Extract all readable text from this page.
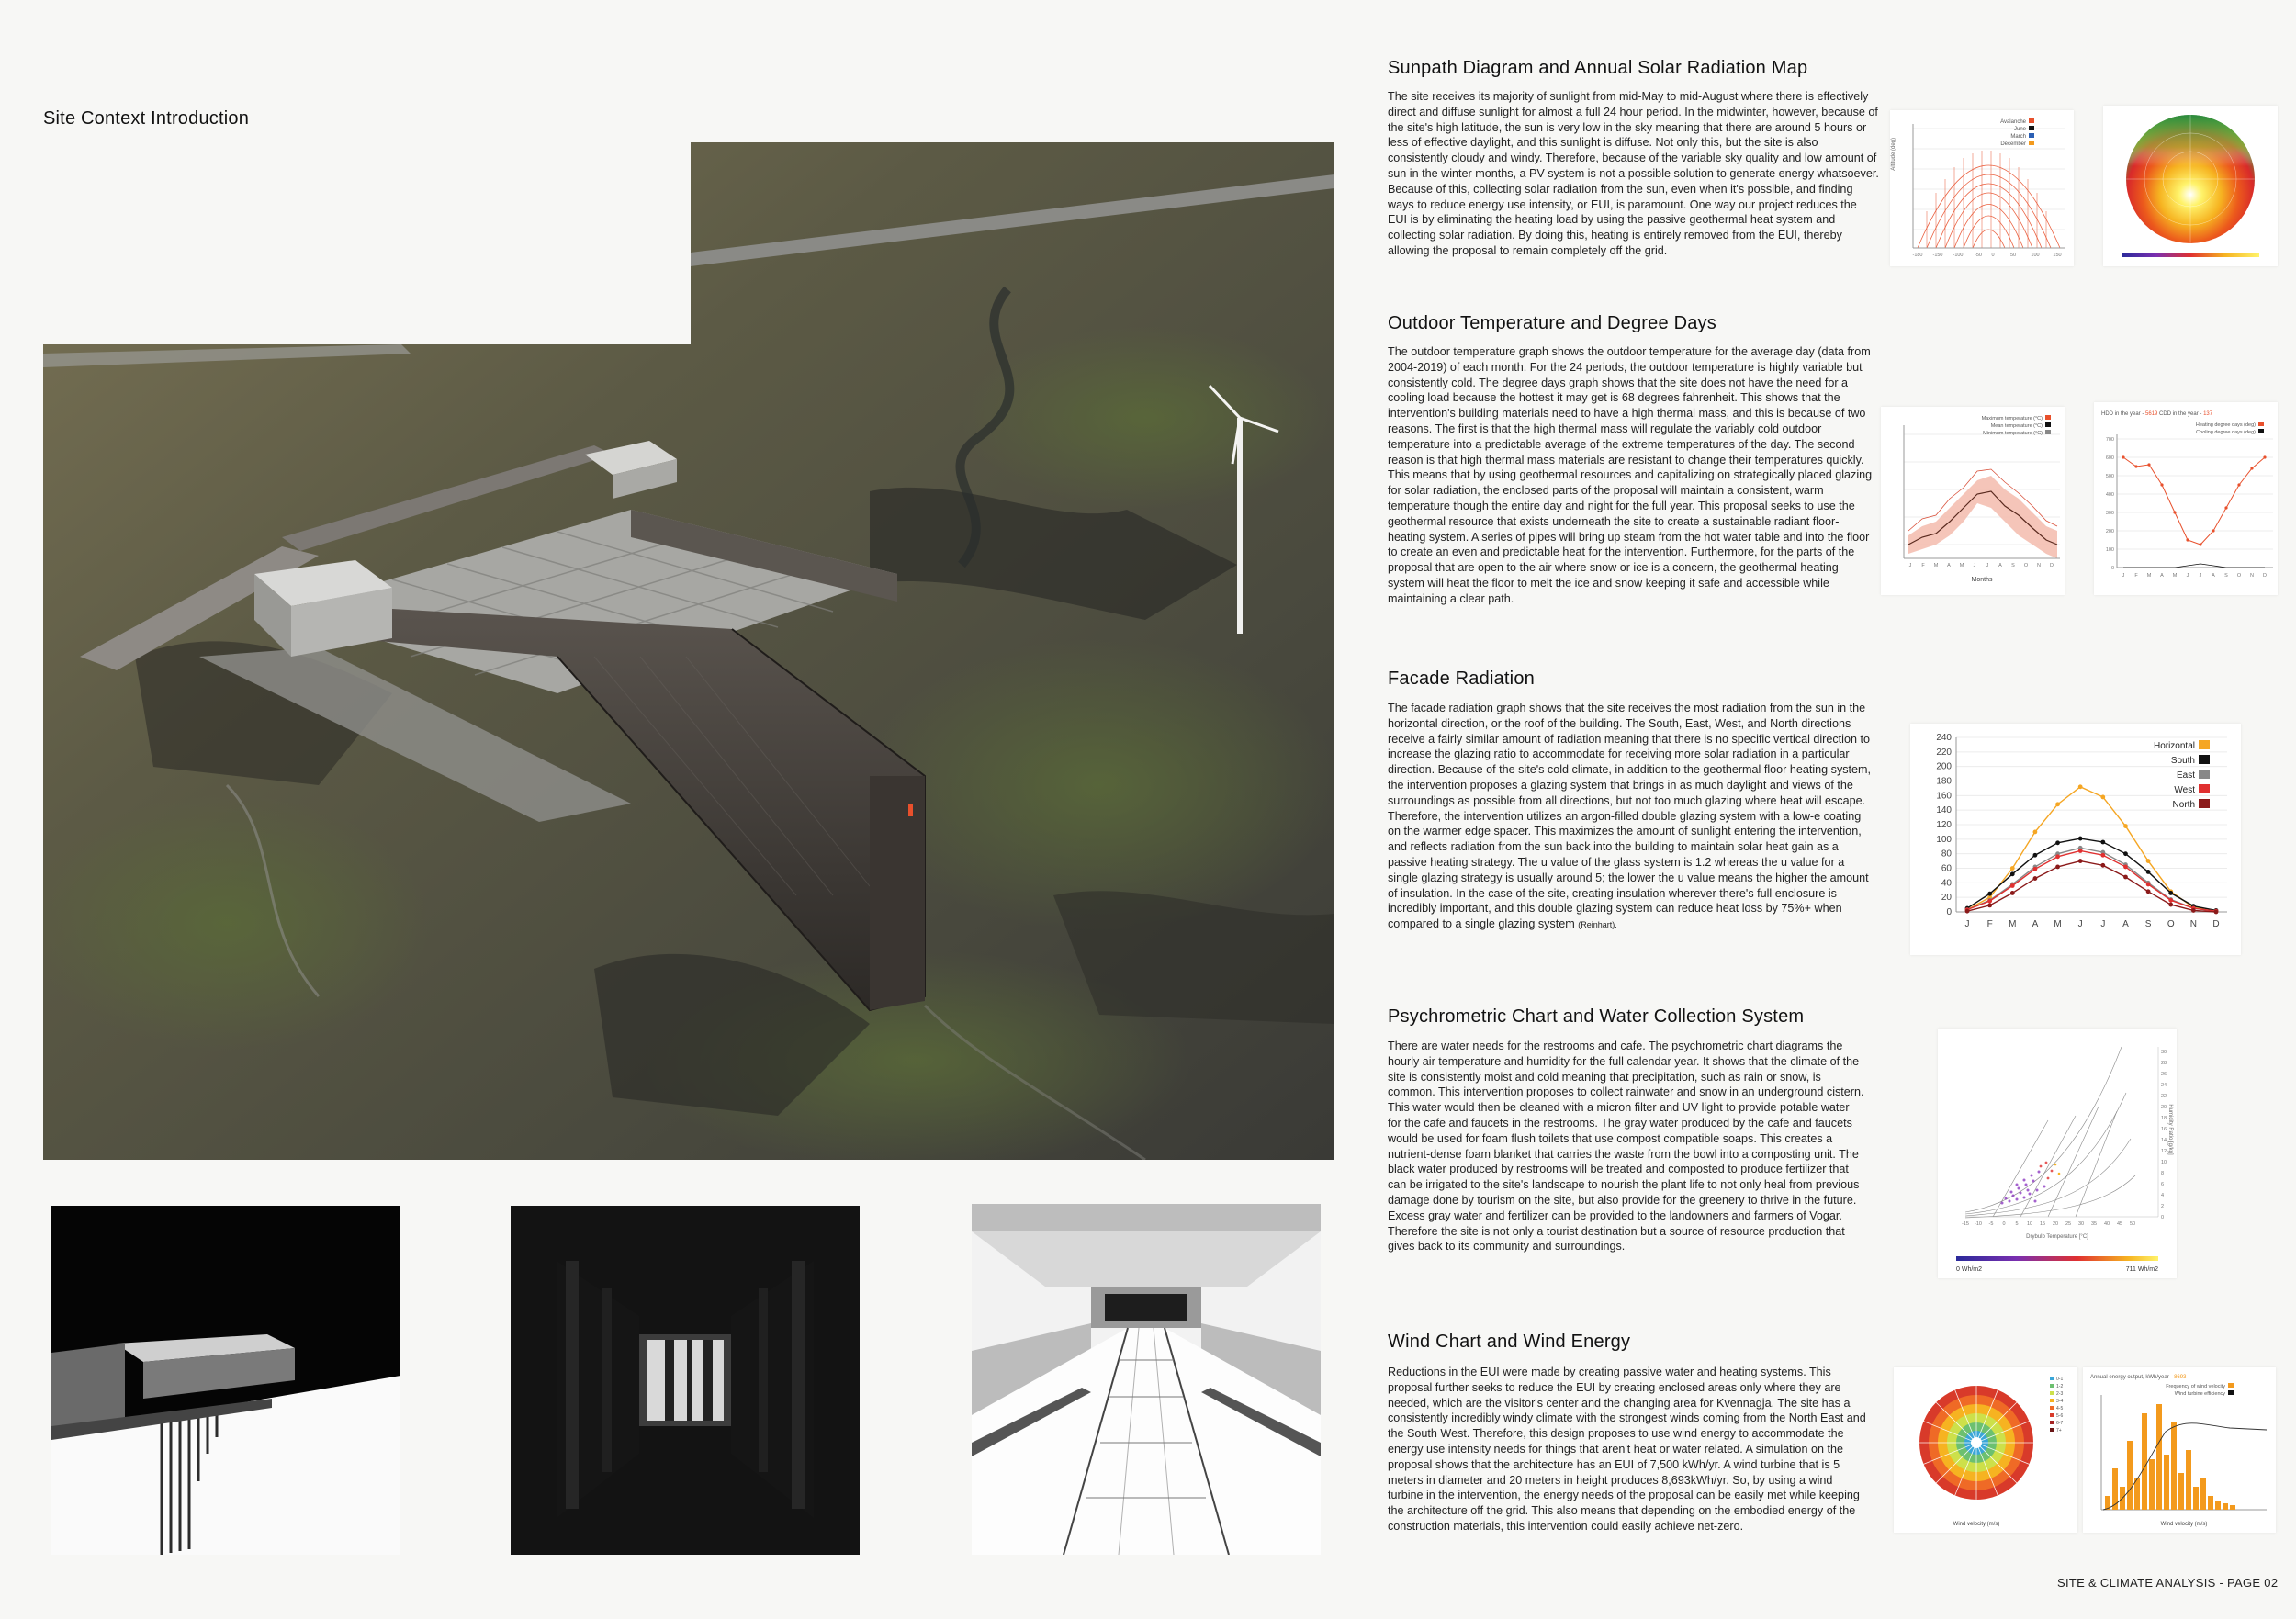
Site Context Introduction

Sunpath Diagram and Annual Solar Radiation Map

The site receives its majority of sunlight from mid-May to mid-August where there is effectively direct and diffuse sunlight for almost a full 24 hour period. In the midwinter, however, because of the site's high latitude, the sun is very low in the sky meaning that there are around 5 hours or less of effective daylight, and this sunlight is diffuse. Not only this, but the site is also consistently cloudy and windy. Therefore, because of the variable sky quality and low amount of sun in the winter months, a PV system is not a possible solution to generate energy whatsoever. Because of this, collecting solar radiation from the sun, even when it's possible, and finding ways to reduce energy use intensity, or EUI, is paramount. One way our project reduces the EUI is by eliminating the heating load by using the passive geothermal heat system and collecting solar radiation. By doing this, heating is entirely removed from the EUI, thereby allowing the proposal to remain completely off the grid.

Altitude (deg)
Avalanche
June
March
December
-180 -150 -100 -50 0	50	100	150
Outdoor Temperature and Degree Days

The outdoor temperature graph shows the outdoor temperature for the average day (data from 2004-2019) of each month. For the 24 periods, the outdoor temperature is highly variable but consistently cold. The degree days graph shows that the site does not have the need for a cooling load because the hottest it may get is 68 degrees fahrenheit. This shows that the intervention's building materials need to have a high thermal mass, and this is because of two reasons. The first is that the high thermal mass will regulate the variably cold outdoor temperature into a predictable average of the extreme temperatures of the day. The second reason is that high thermal mass materials are resistant to change their temperatures quickly. This means that by using geothermal resources and capitalizing on strategically placed glazing for solar radiation, the enclosed parts of the proposal will maintain a consistent, warm temperature though the entire day and night for the full year. This proposal seeks to use the geothermal resource that exists underneath the site to create a sustainable radiant floor-heating system. A series of pipes will bring up steam from the hot water table and into the floor to create an even and predictable heat for the intervention. Furthermore, for the parts of the proposal that are open to the air where snow or ice is a concern, the geothermal heating system will heat the floor to melt the ice and snow keeping it safe and accessible while maintaining a clear path.

Maximum temperature (°C)
Mean temperature (°C)
Minimum temperature (°C)
J F M A M J J A S O N D
Months
HDD in the year - 5619 CDD in the year - 137
Heating degree days (deg)
Cooling degree days (deg)
0
100
200
300
400
500
600
700
J F M A M J J A S O N D
Facade Radiation

The facade radiation graph shows that the site receives the most radiation from the sun in the horizontal direction, or the roof of the building. The South, East, West, and North directions receive a fairly similar amount of radiation meaning that there is no specific vertical direction to increase the glazing ratio to accommodate for receiving more solar radiation in a particular direction. Because of the site's cold climate, in addition to the geothermal floor heating system, the intervention proposes a glazing system that brings in as much daylight and views of the surroundings as possible from all directions, but not too much glazing where heat will escape. Therefore, the intervention utilizes an argon-filled double glazing system with a low-e coating on the warmer edge spacer. This maximizes the amount of sunlight entering the intervention, and reflects radiation from the sun back into the building to maintain solar heat gain as a passive heating strategy. The u value of the glass system is 1.2 whereas the u value for a single glazing strategy is usually around 5; the lower the u value means the higher the amount of insulation. In the case of the site, creating insulation wherever there's full enclosure is incredibly important, and this double glazing system can reduce heat loss by 75%+ when compared to a single glazing system (Reinhart).

0
20
40
60
80
100
120
140
160
180
200
220
240
J F M A M J J A S O N D
Horizontal
South
East
West
North
Psychrometric Chart and Water Collection System

There are water needs for the restrooms and cafe. The psychrometric chart diagrams the hourly air temperature and humidity for the full calendar year. It shows that the climate of the site is consistently moist and cold meaning that precipitation, such as rain or snow, is common. This intervention proposes to collect rainwater and snow in an underground cistern. This water would then be cleaned with a micron filter and UV light to provide potable water for the cafe and faucets in the restrooms. The gray water produced by the cafe and faucets would be used for foam flush toilets that use compost compatible soaps. This creates a nutrient-dense foam blanket that carries the waste from the bowl into a composting unit. The black water produced by restrooms will be treated and composted to produce fertilizer that can be irrigated to the site's landscape to nourish the plant life to not only heal from previous damage done by tourism on the site, but also provide for the greenery to thrive in the future. Excess gray water and fertilizer can be provided to the landowners and farmers of Vogar. Therefore the site is not only a tourist destination but a source of resource production that gives back to its community and surroundings.

Drybulb Temperature [°C]
Humidity Ratio [g/kg]
-15 -10 -5 0 5 10 15 20 25 30 35 40 45 50
0
2
4
6
8
10
12
14
16
18
20
22
24
26
28
30
0 Wh/m2	711 Wh/m2
Wind Chart and Wind Energy

Reductions in the EUI were made by creating passive water and heating systems. This proposal further seeks to reduce the EUI by creating enclosed areas only where they are needed, which are the visitor's center and the changing area for Kvennagja. The site has a consistently incredibly windy climate with the strongest winds coming from the North East and the South West. Therefore, this design proposes to use wind energy to accommodate the energy use intensity needs for things that aren't heat or water related. A simulation on the proposal shows that the architecture has an EUI of 7,500 kWh/yr. A wind turbine that is 5 meters in diameter and 20 meters in height produces 8,693kWh/yr. So, by using a wind turbine in the intervention, the energy needs of the proposal can be easily met while keeping the architecture off the grid. This also means that depending on the embodied energy of the construction materials, this intervention could easily achieve net-zero.

0-1
1-2
2-3
3-4
4-5
5-6
6-7
7+
Wind velocity (m/s)
Annual energy output, kWh/year - 8693
Frequency of wind velocity
Wind turbine efficiency
Wind velocity (m/s)
SITE & CLIMATE ANALYSIS - PAGE 02
